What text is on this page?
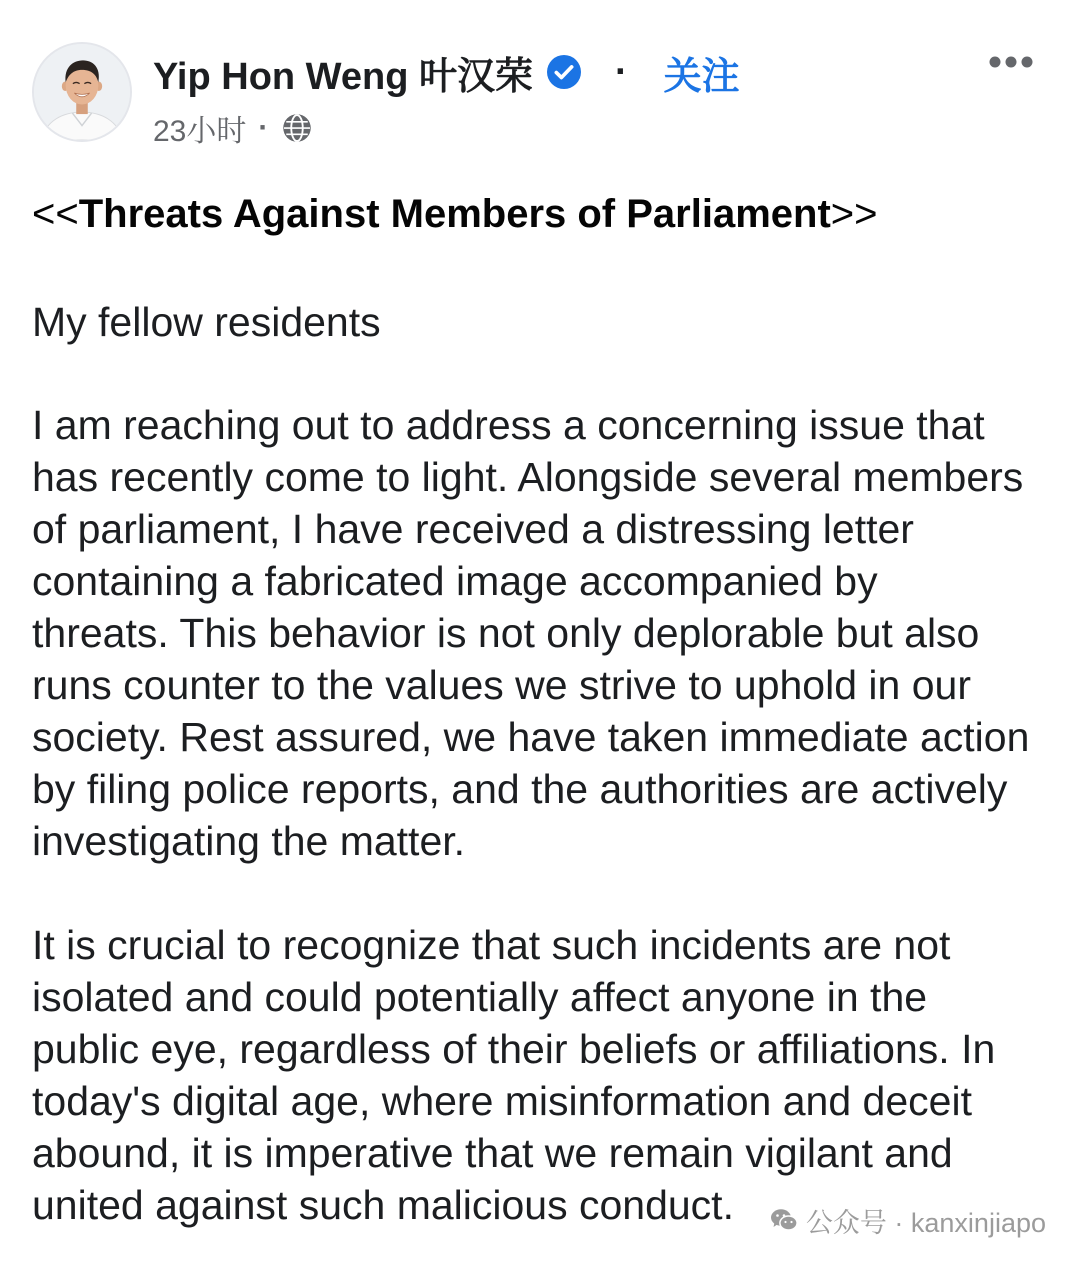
Yip Hon Weng 叶汉荣 · 关注
23小时 ·
<<Threats Against Members of Parliament>>
My fellow residents
I am reaching out to address a concerning issue that
has recently come to light. Alongside several members
of parliament, I have received a distressing letter
containing a fabricated image accompanied by
threats. This behavior is not only deplorable but also
runs counter to the values we strive to uphold in our
society. Rest assured, we have taken immediate action
by filing police reports, and the authorities are actively
investigating the matter.
It is crucial to recognize that such incidents are not
isolated and could potentially affect anyone in the
public eye, regardless of their beliefs or affiliations. In
today's digital age, where misinformation and deceit
abound, it is imperative that we remain vigilant and
united against such malicious conduct.	公众号 · kanxinjiapo
